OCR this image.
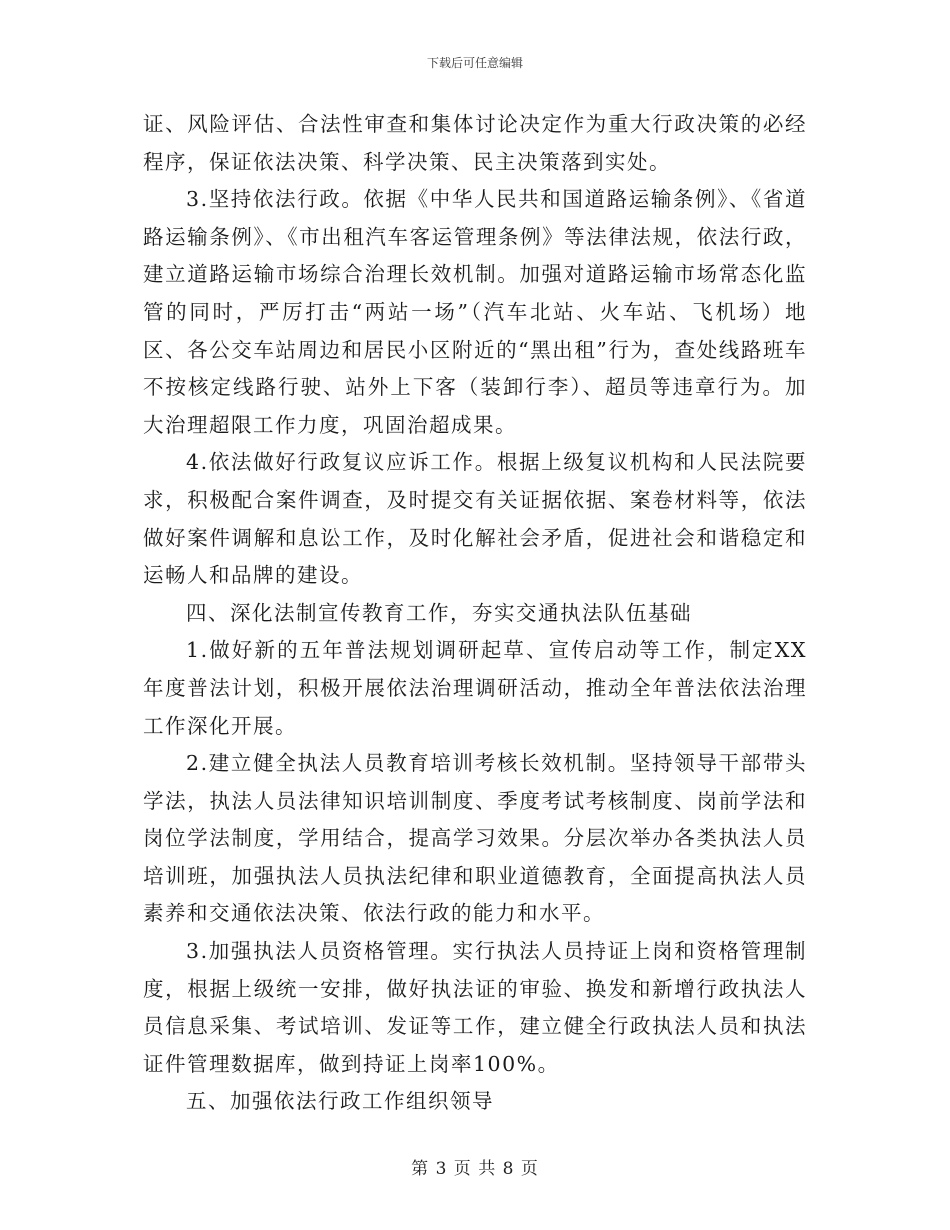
下载后可任意编辑

证、风险评估、合法性审查和集体讨论决定作为重大行政决策的必经程序，保证依法决策、科学决策、民主决策落到实处。

3.坚持依法行政。依据《中华人民共和国道路运输条例》、《省道路运输条例》、《市出租汽车客运管理条例》等法律法规，依法行政，建立道路运输市场综合治理长效机制。加强对道路运输市场常态化监管的同时，严厉打击“两站一场”（汽车北站、火车站、飞机场）地区、各公交车站周边和居民小区附近的“黑出租”行为，查处线路班车不按核定线路行驶、站外上下客（装卸行李）、超员等违章行为。加大治理超限工作力度，巩固治超成果。

4.依法做好行政复议应诉工作。根据上级复议机构和人民法院要求，积极配合案件调查，及时提交有关证据依据、案卷材料等，依法做好案件调解和息讼工作，及时化解社会矛盾，促进社会和谐稳定和运畅人和品牌的建设。

四、深化法制宣传教育工作，夯实交通执法队伍基础

1.做好新的五年普法规划调研起草、宣传启动等工作，制定XX年度普法计划，积极开展依法治理调研活动，推动全年普法依法治理工作深化开展。

2.建立健全执法人员教育培训考核长效机制。坚持领导干部带头学法，执法人员法律知识培训制度、季度考试考核制度、岗前学法和岗位学法制度，学用结合，提高学习效果。分层次举办各类执法人员培训班，加强执法人员执法纪律和职业道德教育，全面提高执法人员素养和交通依法决策、依法行政的能力和水平。

3.加强执法人员资格管理。实行执法人员持证上岗和资格管理制度，根据上级统一安排，做好执法证的审验、换发和新增行政执法人员信息采集、考试培训、发证等工作，建立健全行政执法人员和执法证件管理数据库，做到持证上岗率100%。

五、加强依法行政工作组织领导

第 3 页 共 8 页
